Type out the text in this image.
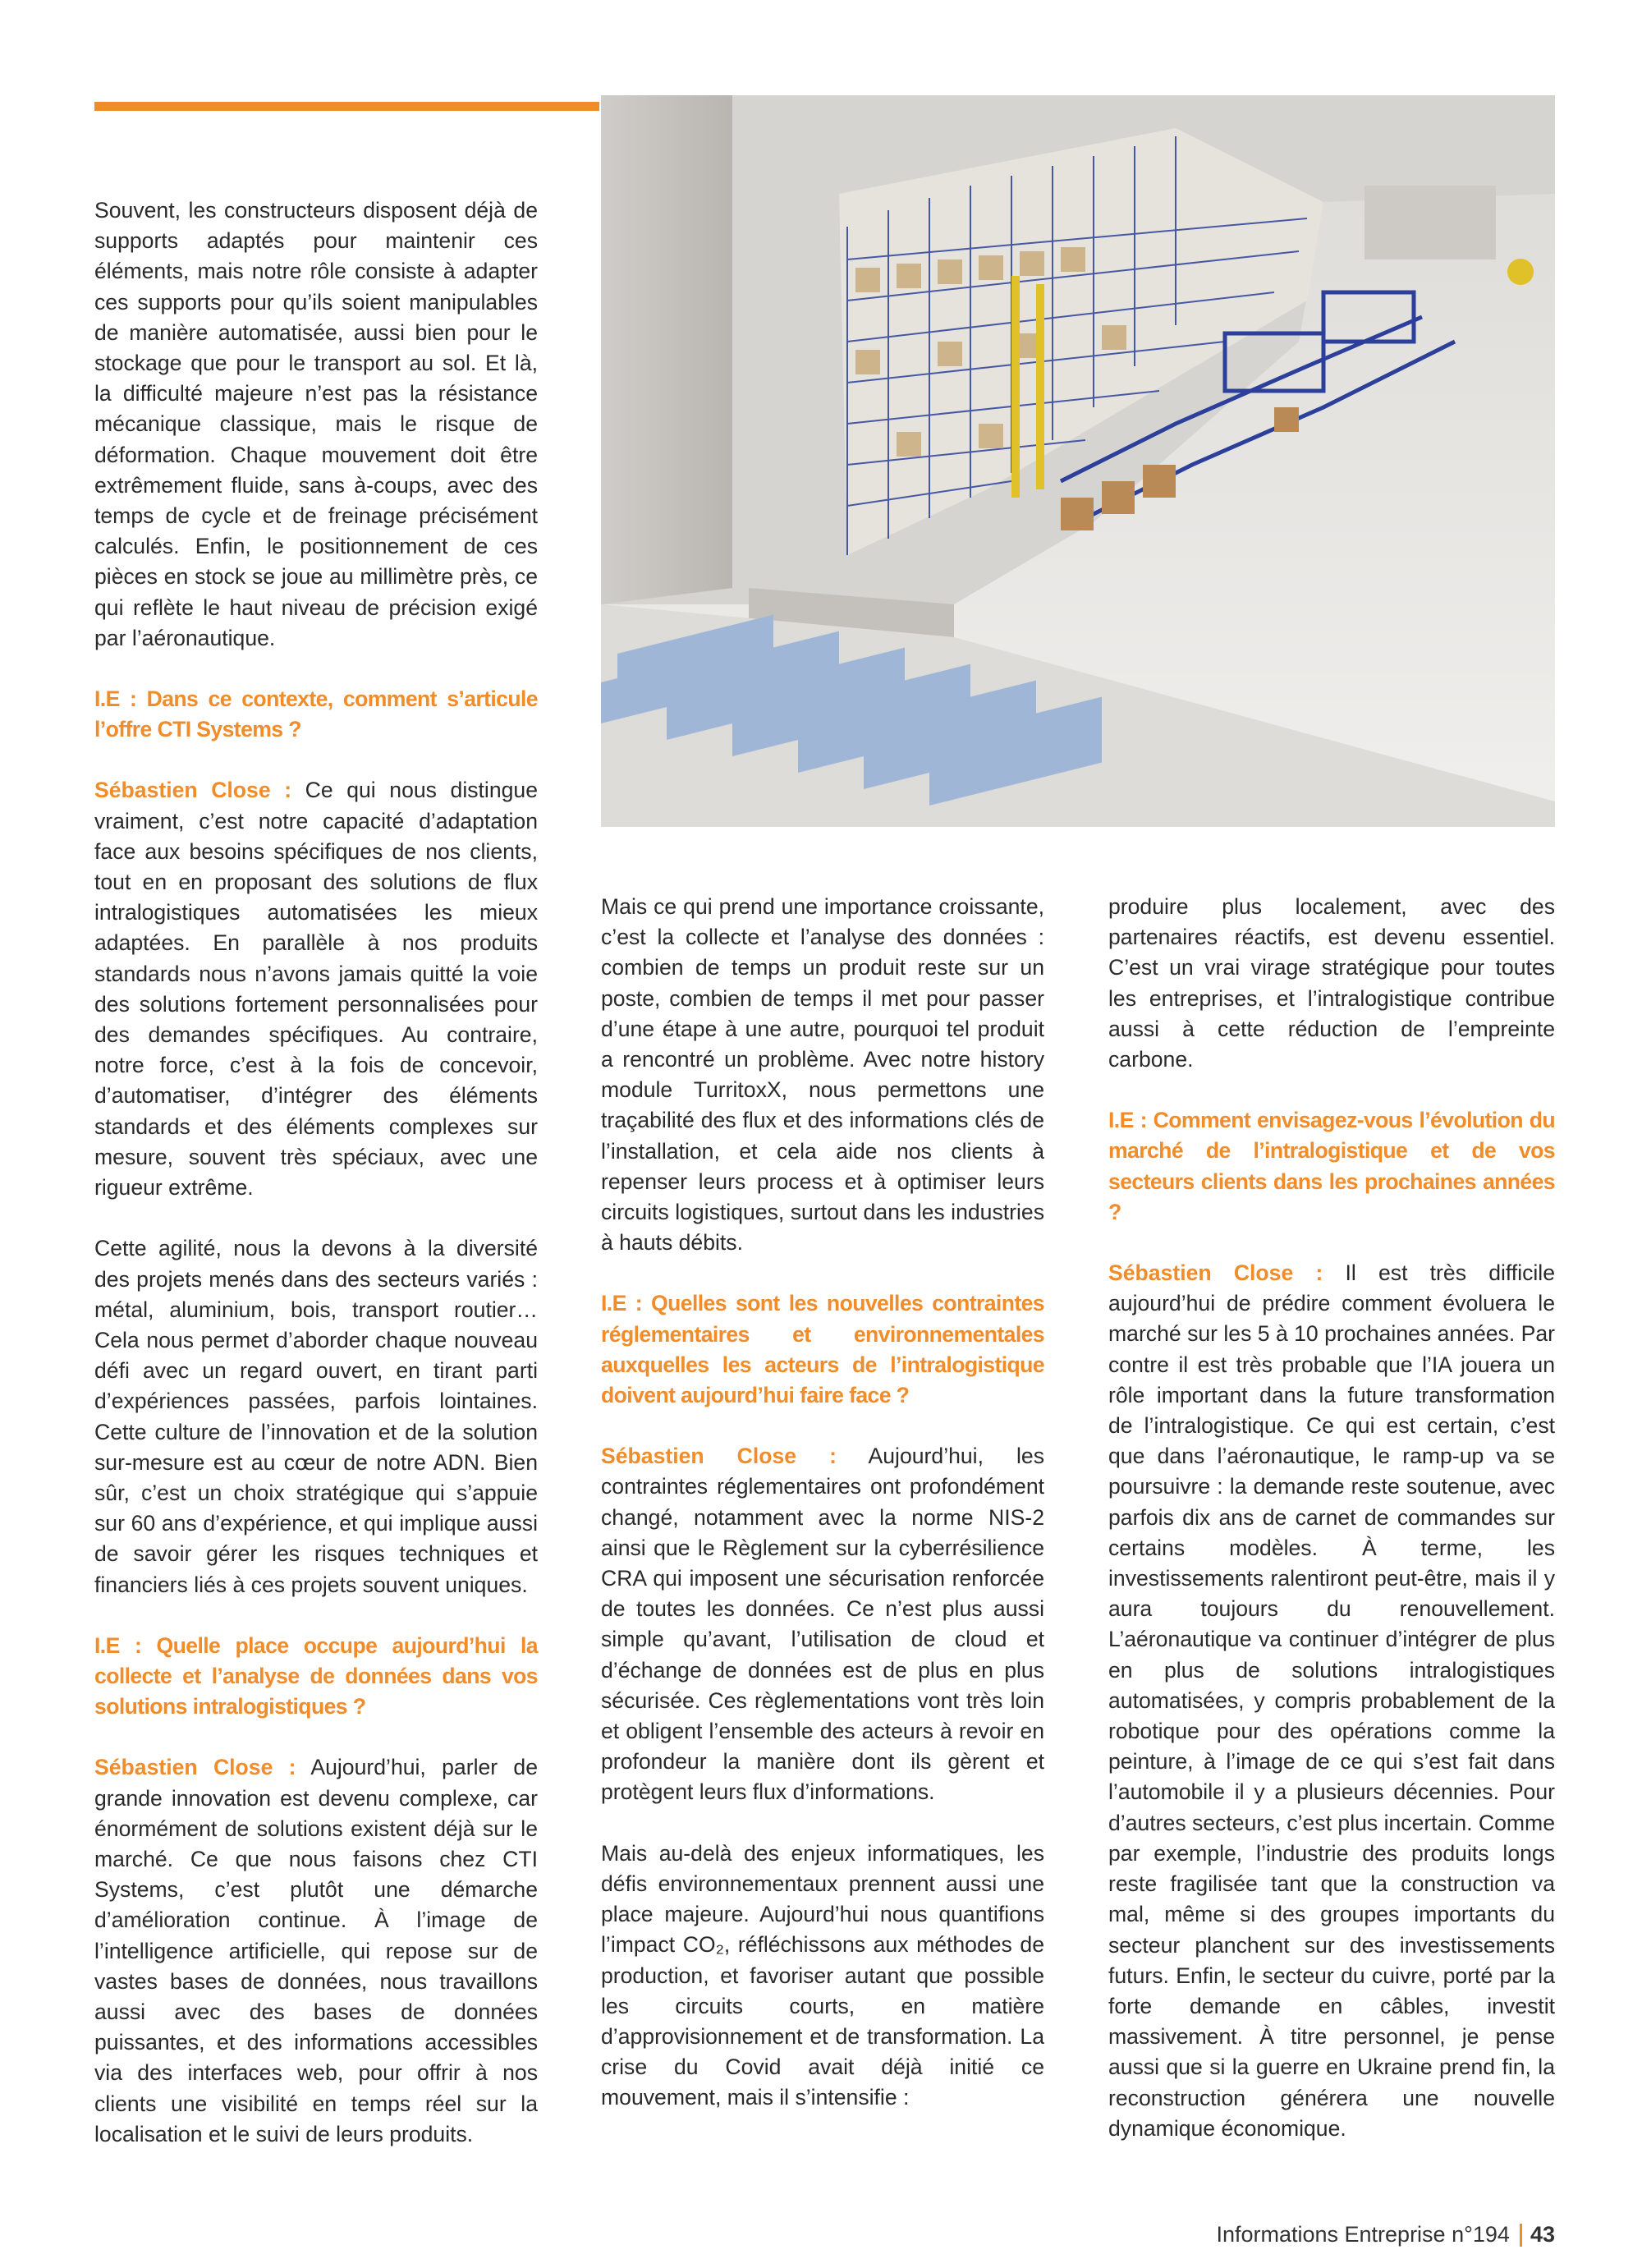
Souvent, les constructeurs disposent déjà de supports adaptés pour maintenir ces éléments, mais notre rôle consiste à adapter ces supports pour qu’ils soient manipulables de manière automatisée, aussi bien pour le stockage que pour le transport au sol. Et là, la difficulté majeure n’est pas la résistance mécanique classique, mais le risque de déformation. Chaque mouvement doit être extrêmement fluide, sans à-coups, avec des temps de cycle et de freinage précisément calculés. Enfin, le positionnement de ces pièces en stock se joue au millimètre près, ce qui reflète le haut niveau de précision exigé par l’aéronautique.

I.E : Dans ce contexte, comment s’articule l’offre CTI Systems ?

Sébastien Close : Ce qui nous distingue vraiment, c’est notre capacité d’adaptation face aux besoins spécifiques de nos clients, tout en en proposant des solutions de flux intralogistiques automatisées les mieux adaptées. En parallèle à nos produits standards nous n’avons jamais quitté la voie des solutions fortement personnalisées pour des demandes spécifiques. Au contraire, notre force, c’est à la fois de concevoir, d’automatiser, d’intégrer des éléments standards et des éléments complexes sur mesure, souvent très spéciaux, avec une rigueur extrême.

Cette agilité, nous la devons à la diversité des projets menés dans des secteurs variés : métal, aluminium, bois, transport routier… Cela nous permet d’aborder chaque nouveau défi avec un regard ouvert, en tirant parti d’expériences passées, parfois lointaines. Cette culture de l’innovation et de la solution sur-mesure est au cœur de notre ADN. Bien sûr, c’est un choix stratégique qui s’appuie sur 60 ans d’expérience, et qui implique aussi de savoir gérer les risques techniques et financiers liés à ces projets souvent uniques.

I.E : Quelle place occupe aujourd’hui la collecte et l’analyse de données dans vos solutions intralogistiques ?

Sébastien Close : Aujourd’hui, parler de grande innovation est devenu complexe, car énormément de solutions existent déjà sur le marché. Ce que nous faisons chez CTI Systems, c’est plutôt une démarche d’amélioration continue. À l’image de l’intelligence artificielle, qui repose sur de vastes bases de données, nous travaillons aussi avec des bases de données puissantes, et des informations accessibles via des interfaces web, pour offrir à nos clients une visibilité en temps réel sur la localisation et le suivi de leurs produits.

Mais ce qui prend une importance croissante, c’est la collecte et l’analyse des données : combien de temps un produit reste sur un poste, combien de temps il met pour passer d’une étape à une autre, pourquoi tel produit a rencontré un problème. Avec notre history module TurritoxX, nous permettons une traçabilité des flux et des informations clés de l’installation, et cela aide nos clients à repenser leurs process et à optimiser leurs circuits logistiques, surtout dans les industries à hauts débits.

I.E : Quelles sont les nouvelles contraintes réglementaires et environnementales auxquelles les acteurs de l’intralogistique doivent aujourd’hui faire face ?

Sébastien Close : Aujourd’hui, les contraintes réglementaires ont profondément changé, notamment avec la norme NIS-2 ainsi que le Règlement sur la cyberrésilience CRA qui imposent une sécurisation renforcée de toutes les données. Ce n’est plus aussi simple qu’avant, l’utilisation de cloud et d’échange de données est de plus en plus sécurisée. Ces règlementations vont très loin et obligent l’ensemble des acteurs à revoir en profondeur la manière dont ils gèrent et protègent leurs flux d’informations.

Mais au-delà des enjeux informatiques, les défis environnementaux prennent aussi une place majeure. Aujourd’hui nous quantifions l’impact CO₂, réfléchissons aux méthodes de production, et favoriser autant que possible les circuits courts, en matière d’approvisionnement et de transformation. La crise du Covid avait déjà initié ce mouvement, mais il s’intensifie :

produire plus localement, avec des partenaires réactifs, est devenu essentiel. C’est un vrai virage stratégique pour toutes les entreprises, et l’intralogistique contribue aussi à cette réduction de l’empreinte carbone.

I.E : Comment envisagez-vous l’évolution du marché de l’intralogistique et de vos secteurs clients dans les prochaines années ?

Sébastien Close : Il est très difficile aujourd’hui de prédire comment évoluera le marché sur les 5 à 10 prochaines années. Par contre il est très probable que l’IA jouera un rôle important dans la future transformation de l’intralogistique. Ce qui est certain, c’est que dans l’aéronautique, le ramp-up va se poursuivre : la demande reste soutenue, avec parfois dix ans de carnet de commandes sur certains modèles. À terme, les investissements ralentiront peut-être, mais il y aura toujours du renouvellement. L’aéronautique va continuer d’intégrer de plus en plus de solutions intralogistiques automatisées, y compris probablement de la robotique pour des opérations comme la peinture, à l’image de ce qui s’est fait dans l’automobile il y a plusieurs décennies. Pour d’autres secteurs, c’est plus incertain. Comme par exemple, l’industrie des produits longs reste fragilisée tant que la construction va mal, même si des groupes importants du secteur planchent sur des investissements futurs. Enfin, le secteur du cuivre, porté par la forte demande en câbles, investit massivement. À titre personnel, je pense aussi que si la guerre en Ukraine prend fin, la reconstruction générera une nouvelle dynamique économique.

Informations Entreprise n°194 43
